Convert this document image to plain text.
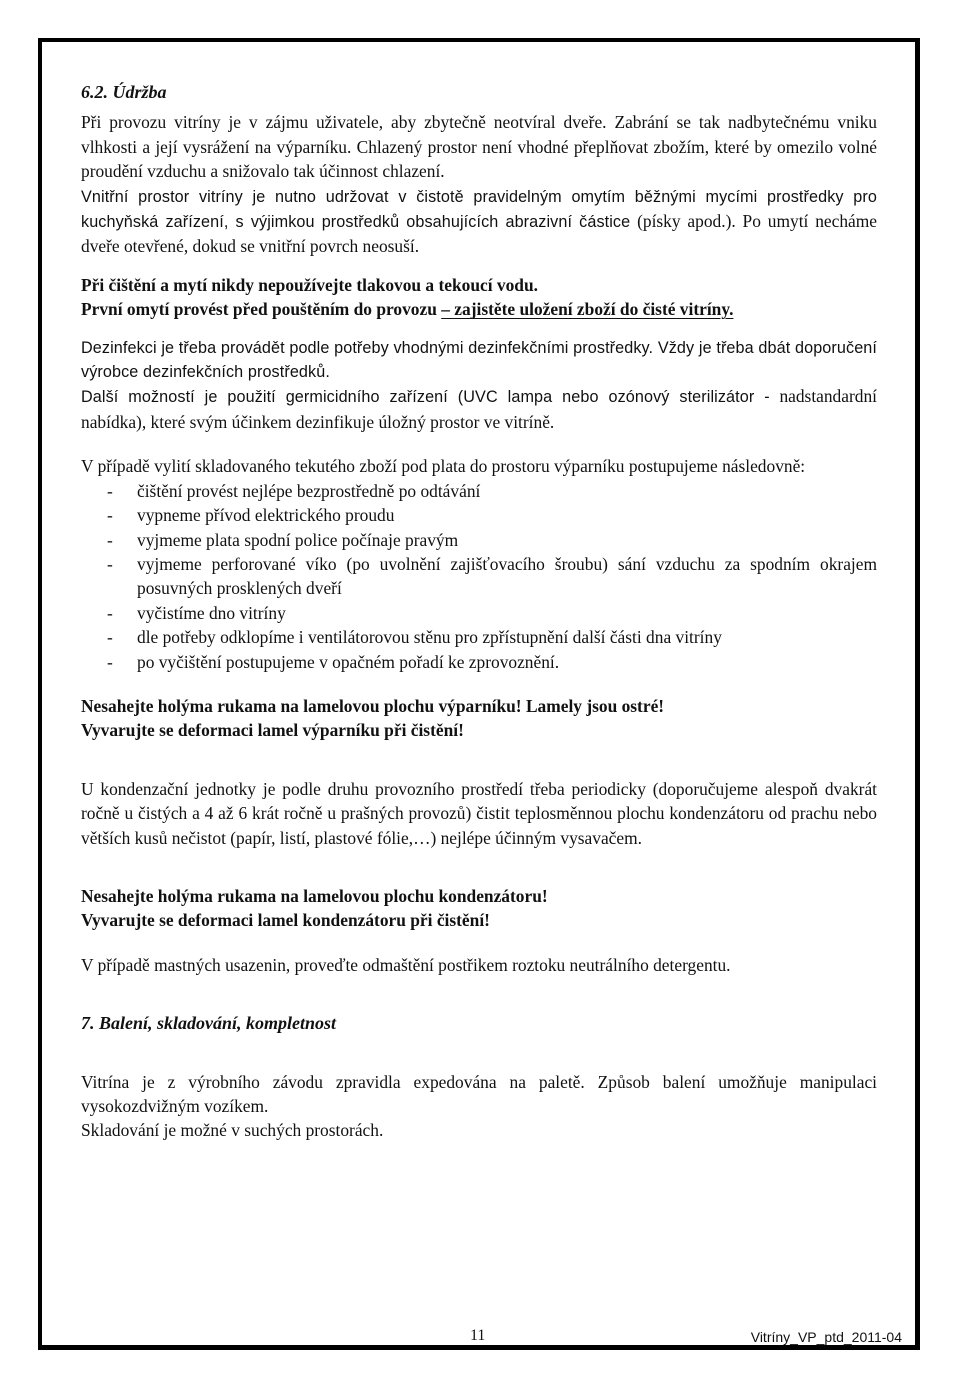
6.2. Údržba

Při provozu vitríny je v zájmu uživatele, aby zbytečně neotvíral dveře. Zabrání se tak nadbytečnému vniku vlhkosti a její vysrážení na výparníku. Chlazený prostor není vhodné přeplňovat zbožím, které by omezilo volné proudění vzduchu a snižovalo tak účinnost chlazení.

Vnitřní prostor vitríny je nutno udržovat v čistotě pravidelným omytím běžnými mycími prostředky pro kuchyňská zařízení, s výjimkou prostředků obsahujících abrazivní částice (písky apod.). Po umytí necháme dveře otevřené, dokud se vnitřní povrch neosuší.

Při čištění a mytí nikdy nepoužívejte tlakovou a tekoucí vodu.

První omytí provést před pouštěním do provozu – zajistěte uložení zboží do čisté vitríny.

Dezinfekci je třeba provádět podle potřeby vhodnými dezinfekčními prostředky. Vždy je třeba dbát doporučení výrobce dezinfekčních prostředků.

Další možností je použití germicidního zařízení (UVC lampa nebo ozónový sterilizátor - nadstandardní nabídka), které svým účinkem dezinfikuje úložný prostor ve vitríně.

V případě vylití skladovaného tekutého zboží pod plata do prostoru výparníku postupujeme následovně:

- čištění provést nejlépe bezprostředně po odtávání
- vypneme přívod elektrického proudu
- vyjmeme plata spodní police počínaje pravým
- vyjmeme perforované víko (po uvolnění zajišťovacího šroubu) sání vzduchu za spodním okrajem posuvných prosklených dveří
- vyčistíme dno vitríny
- dle potřeby odklopíme i ventilátorovou stěnu pro zpřístupnění další části dna vitríny
- po vyčištění postupujeme v opačném pořadí ke zprovoznění.

Nesahejte holýma rukama na lamelovou plochu výparníku! Lamely jsou ostré!

Vyvarujte se deformaci lamel výparníku při čistění!

U kondenzační jednotky je podle druhu provozního prostředí třeba periodicky (doporučujeme alespoň dvakrát ročně u čistých a 4 až 6 krát ročně u prašných provozů) čistit teplosměnnou plochu kondenzátoru od prachu nebo větších kusů nečistot (papír, listí, plastové fólie,…) nejlépe účinným vysavačem.

Nesahejte holýma rukama na lamelovou plochu kondenzátoru!

Vyvarujte se deformaci lamel kondenzátoru při čistění!

V případě mastných usazenin, proveďte odmaštění postřikem roztoku neutrálního detergentu.

7. Balení, skladování, kompletnost

Vitrína je z výrobního závodu zpravidla expedována na paletě. Způsob balení umožňuje manipulaci vysokozdvižným vozíkem.

Skladování je možné v suchých prostorách.

11	Vitríny_VP_ptd_2011-04
